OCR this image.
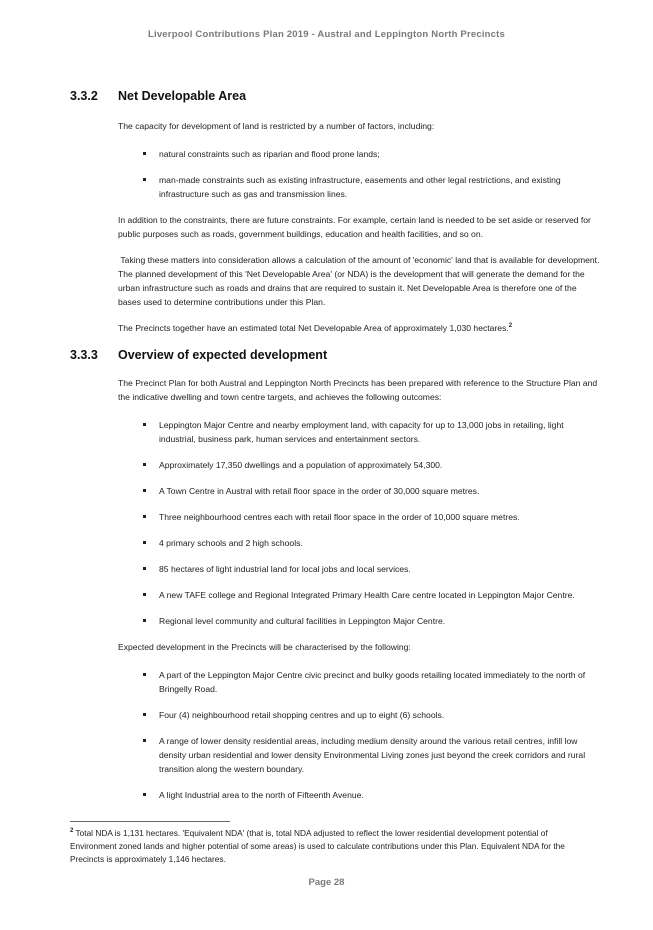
Liverpool Contributions Plan 2019 - Austral and Leppington North Precincts
3.3.2	Net Developable Area

The capacity for development of land is restricted by a number of factors, including:

natural constraints such as riparian and flood prone lands;
man-made constraints such as existing infrastructure, easements and other legal restrictions, and existing infrastructure such as gas and transmission lines.

In addition to the constraints, there are future constraints. For example, certain land is needed to be set aside or reserved for public purposes such as roads, government buildings, education and health facilities, and so on.

Taking these matters into consideration allows a calculation of the amount of 'economic' land that is available for development. The planned development of this 'Net Developable Area' (or NDA) is the development that will generate the demand for the urban infrastructure such as roads and drains that are required to sustain it. Net Developable Area is therefore one of the bases used to determine contributions under this Plan.

The Precincts together have an estimated total Net Developable Area of approximately 1,030 hectares.$^2$

3.3.3	Overview of expected development

The Precinct Plan for both Austral and Leppington North Precincts has been prepared with reference to the Structure Plan and the indicative dwelling and town centre targets, and achieves the following outcomes:

Leppington Major Centre and nearby employment land, with capacity for up to 13,000 jobs in retailing, light industrial, business park, human services and entertainment sectors.
Approximately 17,350 dwellings and a population of approximately 54,300.
A Town Centre in Austral with retail floor space in the order of 30,000 square metres.
Three neighbourhood centres each with retail floor space in the order of 10,000 square metres.
4 primary schools and 2 high schools.
85 hectares of light industrial land for local jobs and local services.
A new TAFE college and Regional Integrated Primary Health Care centre located in Leppington Major Centre.
Regional level community and cultural facilities in Leppington Major Centre.

Expected development in the Precincts will be characterised by the following:

A part of the Leppington Major Centre civic precinct and bulky goods retailing located immediately to the north of Bringelly Road.
Four (4) neighbourhood retail shopping centres and up to eight (6) schools.
A range of lower density residential areas, including medium density around the various retail centres, infill low density urban residential and lower density Environmental Living zones just beyond the creek corridors and rural transition along the western boundary.
A light Industrial area to the north of Fifteenth Avenue.
$^2$ Total NDA is 1,131 hectares. 'Equivalent NDA' (that is, total NDA adjusted to reflect the lower residential development potential of Environment zoned lands and higher potential of some areas) is used to calculate contributions under this Plan. Equivalent NDA for the Precincts is approximately 1,146 hectares.
Page 28
